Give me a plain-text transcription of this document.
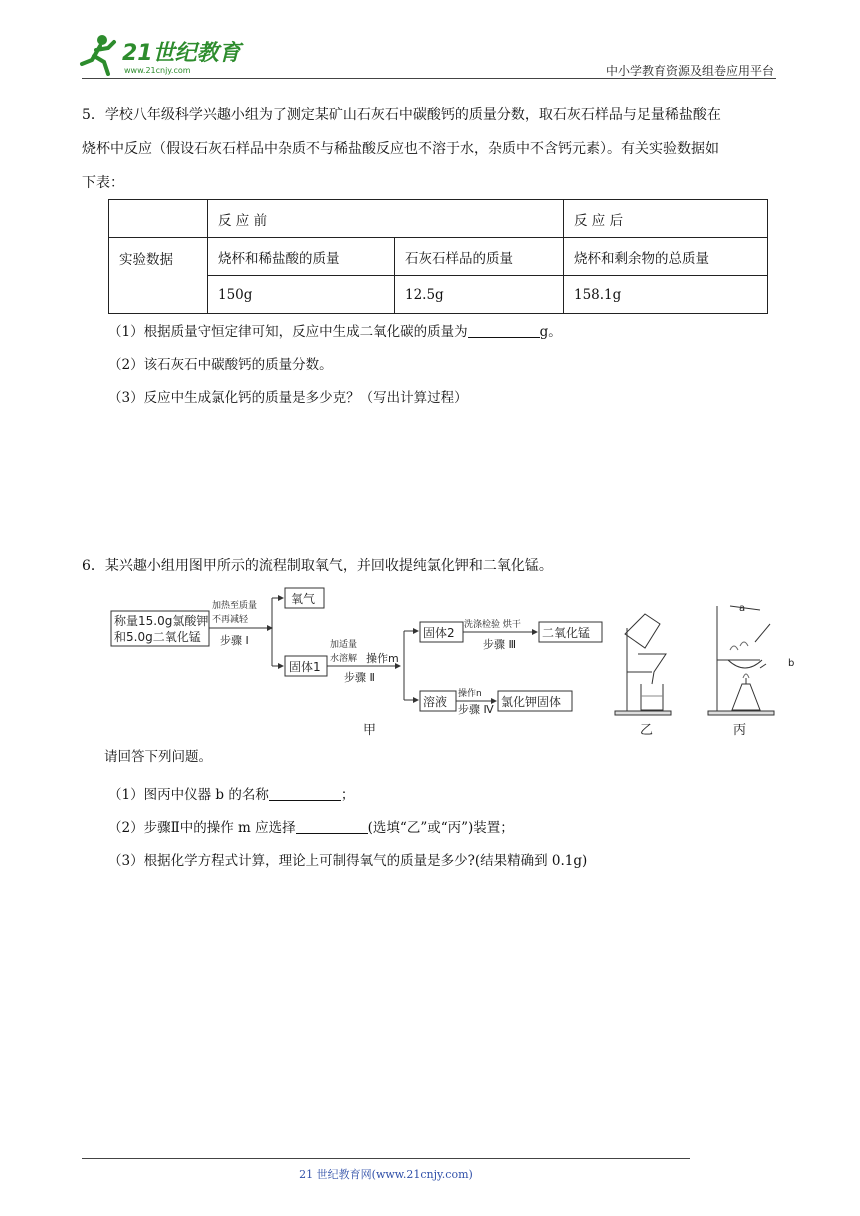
21世纪教育
www.21cnjy.com	中小学教育资源及组卷应用平台
5．学校八年级科学兴趣小组为了测定某矿山石灰石中碳酸钙的质量分数，取石灰石样品与足量稀盐酸在
烧杯中反应（假设石灰石样品中杂质不与稀盐酸反应也不溶于水，杂质中不含钙元素）。有关实验数据如
下表：
	反 应 前		反 应 后
实验数据	烧杯和稀盐酸的质量	石灰石样品的质量	烧杯和剩余物的总质量
	150g	12.5g	158.1g
（1）根据质量守恒定律可知，反应中生成二氧化碳的质量为	g。
（2）该石灰石中碳酸钙的质量分数。
（3）反应中生成氯化钙的质量是多少克？（写出计算过程）
6．某兴趣小组用图甲所示的流程制取氧气，并回收提纯氯化钾和二氧化锰。
称量15.0g氯酸钾
和5.0g二氧化锰
氧气
固体1
固体2	二氧化锰
溶液	氯化钾固体
加热至质量
不再减轻
加适量
水溶解
洗涤检验 烘干
操作n
步骤 Ⅰ
操作m
步骤 Ⅱ
步骤 Ⅲ
步骤 Ⅳ
甲
a
b
乙	丙
请回答下列问题。
（1）图丙中仪器 b 的名称	；
（2）步骤Ⅱ中的操作 m 应选择	(选填“乙”或“丙”)装置；
（3）根据化学方程式计算，理论上可制得氧气的质量是多少?(结果精确到 0.1g)
21 世纪教育网(www.21cnjy.com)
